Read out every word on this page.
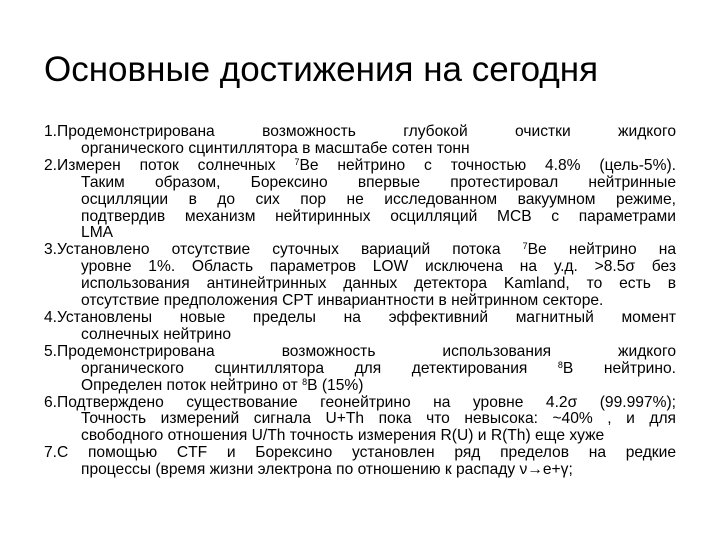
Основные достижения на сегодня
1. Продемонстрирована возможность глубокой очистки жидкого
органического сцинтиллятора в масштабе сотен тонн
2. Измерен поток солнечных $^7$Be нейтрино с точностью 4.8% (цель-5%).
Таким образом, Борексино впервые протестировал нейтринные
осцилляции в до сих пор не исследованном вакуумном режиме,
подтвердив механизм нейтиринных осцилляций MCB с параметрами
LMA
3. Установлено отсутствие суточных вариаций потока $^7$Be нейтрино на
уровне 1%. Область параметров LOW исключена на у.д. >8.5σ без
использования антинейтринных данных детектора Kamland, то есть в
отсутствие предположения CPT инвариантности в нейтринном секторе.
4. Установлены новые пределы на эффективний магнитный момент
солнечных нейтрино
5. Продемонстрирована возможность использования жидкого
органического сцинтиллятора для детектирования $^8$B нейтрино.
Определен поток нейтрино от $^8$B (15%)
6. Подтверждено существование геонейтрино на уровне 4.2σ (99.997%);
Точность измерений сигнала U+Th пока что невысока: ~40% , и для
свободного отношения U/Th точность измерения R(U) и R(Th) еще хуже
7. С помощью CTF и Борексино установлен ряд пределов на редкие
процессы (время жизни электрона по отношению к распаду ν→e+γ;
